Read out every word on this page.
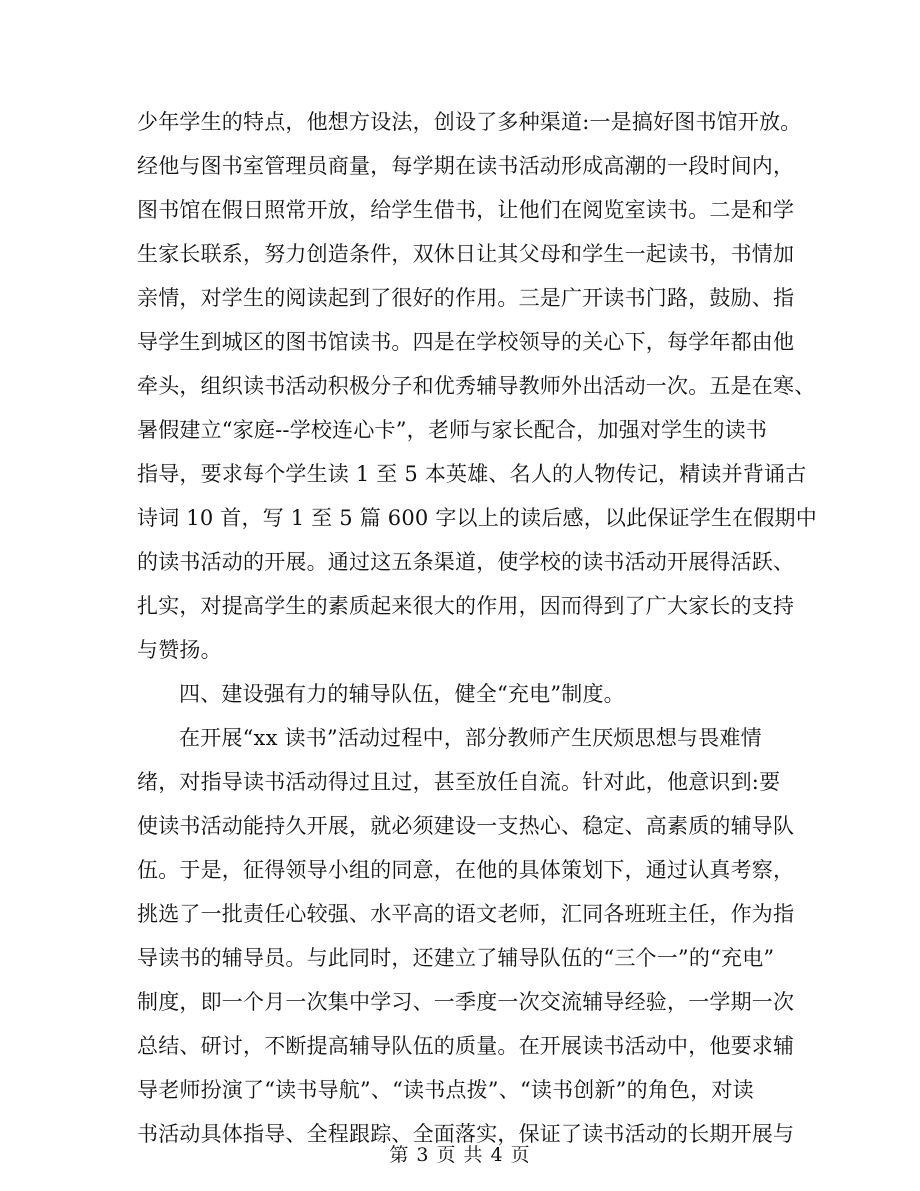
少年学生的特点，他想方设法，创设了多种渠道:一是搞好图书馆开放。
经他与图书室管理员商量，每学期在读书活动形成高潮的一段时间内，
图书馆在假日照常开放，给学生借书，让他们在阅览室读书。二是和学
生家长联系，努力创造条件，双休日让其父母和学生一起读书，书情加
亲情，对学生的阅读起到了很好的作用。三是广开读书门路，鼓励、指
导学生到城区的图书馆读书。四是在学校领导的关心下，每学年都由他
牵头，组织读书活动积极分子和优秀辅导教师外出活动一次。五是在寒、
暑假建立“家庭--学校连心卡”，老师与家长配合，加强对学生的读书
指导，要求每个学生读 1 至 5 本英雄、名人的人物传记，精读并背诵古
诗词 10 首，写 1 至 5 篇 600 字以上的读后感，以此保证学生在假期中
的读书活动的开展。通过这五条渠道，使学校的读书活动开展得活跃、
扎实，对提高学生的素质起来很大的作用，因而得到了广大家长的支持
与赞扬。
四、建设强有力的辅导队伍，健全“充电”制度。
在开展“xx 读书”活动过程中，部分教师产生厌烦思想与畏难情
绪，对指导读书活动得过且过，甚至放任自流。针对此，他意识到:要
使读书活动能持久开展，就必须建设一支热心、稳定、高素质的辅导队
伍。于是，征得领导小组的同意，在他的具体策划下，通过认真考察，
挑选了一批责任心较强、水平高的语文老师，汇同各班班主任，作为指
导读书的辅导员。与此同时，还建立了辅导队伍的“三个一”的“充电”
制度，即一个月一次集中学习、一季度一次交流辅导经验，一学期一次
总结、研讨，不断提高辅导队伍的质量。在开展读书活动中，他要求辅
导老师扮演了“读书导航”、“读书点拨”、“读书创新”的角色，对读
书活动具体指导、全程跟踪、全面落实，保证了读书活动的长期开展与
第 3 页 共 4 页
